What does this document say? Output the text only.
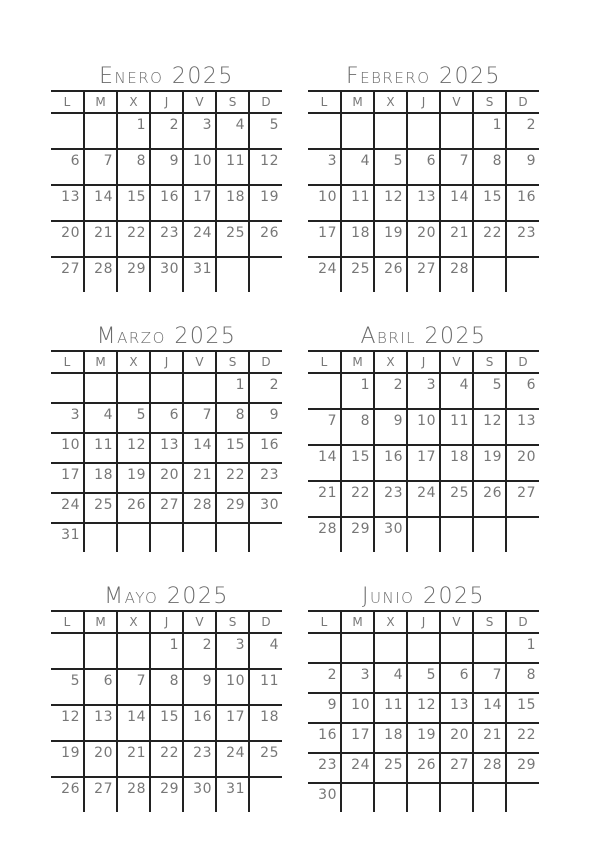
Enero 2025
L	M	X	J	V	S	D
		1	2	3	4	5
6	7	8	9	10	11	12
13	14	15	16	17	18	19
20	21	22	23	24	25	26
27	28	29	30	31		
Febrero 2025
L	M	X	J	V	S	D
					1	2
3	4	5	6	7	8	9
10	11	12	13	14	15	16
17	18	19	20	21	22	23
24	25	26	27	28		
Marzo 2025
L	M	X	J	V	S	D
					1	2
3	4	5	6	7	8	9
10	11	12	13	14	15	16
17	18	19	20	21	22	23
24	25	26	27	28	29	30
31						
Abril 2025
L	M	X	J	V	S	D
	1	2	3	4	5	6
7	8	9	10	11	12	13
14	15	16	17	18	19	20
21	22	23	24	25	26	27
28	29	30				
Mayo 2025
L	M	X	J	V	S	D
			1	2	3	4
5	6	7	8	9	10	11
12	13	14	15	16	17	18
19	20	21	22	23	24	25
26	27	28	29	30	31	
Junio 2025
L	M	X	J	V	S	D
						1
2	3	4	5	6	7	8
9	10	11	12	13	14	15
16	17	18	19	20	21	22
23	24	25	26	27	28	29
30						
